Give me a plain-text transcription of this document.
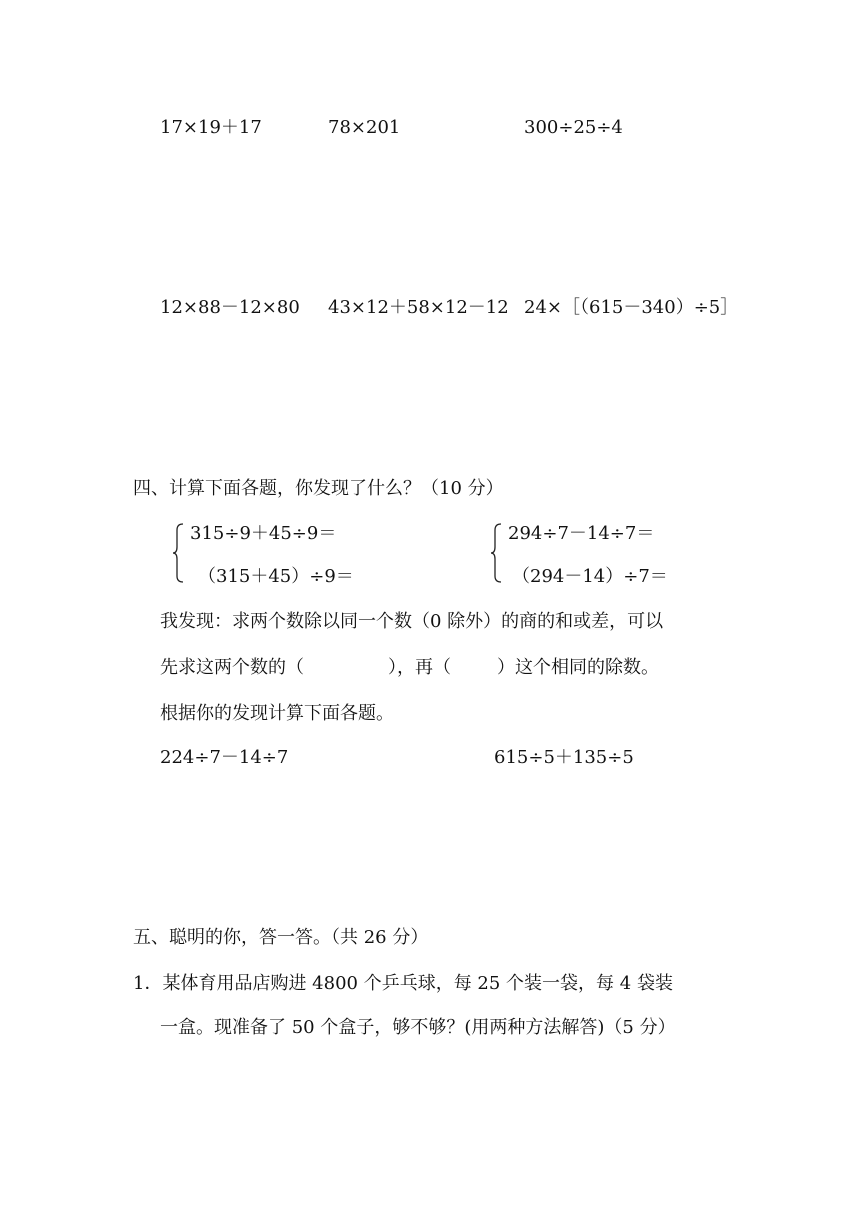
17×19＋17	78×201	300÷25÷4
12×88－12×80 43×12＋58×12－12 24×［（615－340）÷5］
四、计算下面各题，你发现了什么？（10 分）
315÷9＋45÷9＝
（315＋45）÷9＝
294÷7－14÷7＝
（294－14）÷7＝
我发现：求两个数除以同一个数（0 除外）的商的和或差，可以
先求这两个数的（	），再（	）这个相同的除数。
根据你的发现计算下面各题。
224÷7－14÷7	615÷5＋135÷5
五、聪明的你，答一答。（共 26 分）
1．某体育用品店购进 4800 个乒乓球，每 25 个装一袋，每 4 袋装
一盒。现准备了 50 个盒子，够不够？(用两种方法解答)（5 分）
